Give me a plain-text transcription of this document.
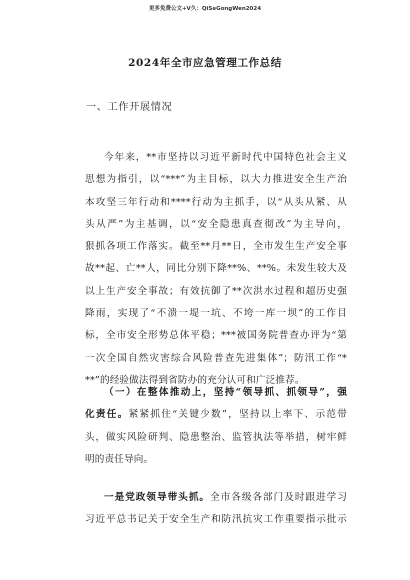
更多免费公文+V久：QiSeGongWen2024
2024年全市应急管理工作总结
一、工作开展情况
今年来，**市坚持以习近平新时代中国特色社会主义
思想为指引，以“***”为主目标，以大力推进安全生产治
本攻坚三年行动和****行动为主抓手，以“从头从紧、从
头从严”为主基调，以“安全隐患真查彻改”为主导向，
狠抓各项工作落实。截至**月**日，全市发生生产安全事
故**起、亡**人，同比分别下降**%、**%。未发生较大及
以上生产安全事故；有效抗御了**次洪水过程和超历史强
降雨，实现了“不溃一堤一坑、不垮一库一坝”的工作目
标，全市安全形势总体平稳；***被国务院普查办评为“第
一次全国自然灾害综合风险普查先进集体”；防汛工作“*
**”的经验做法得到省防办的充分认可和广泛推荐。
（一）在整体推动上，坚持“领导抓、抓领导”，强
化责任。紧紧抓住“关键少数”，坚持以上率下、示范带
头，做实风险研判、隐患整治、监管执法等举措，树牢鲜
明的责任导向。
一是党政领导带头抓。全市各级各部门及时跟进学习
习近平总书记关于安全生产和防汛抗灾工作重要指示批示
